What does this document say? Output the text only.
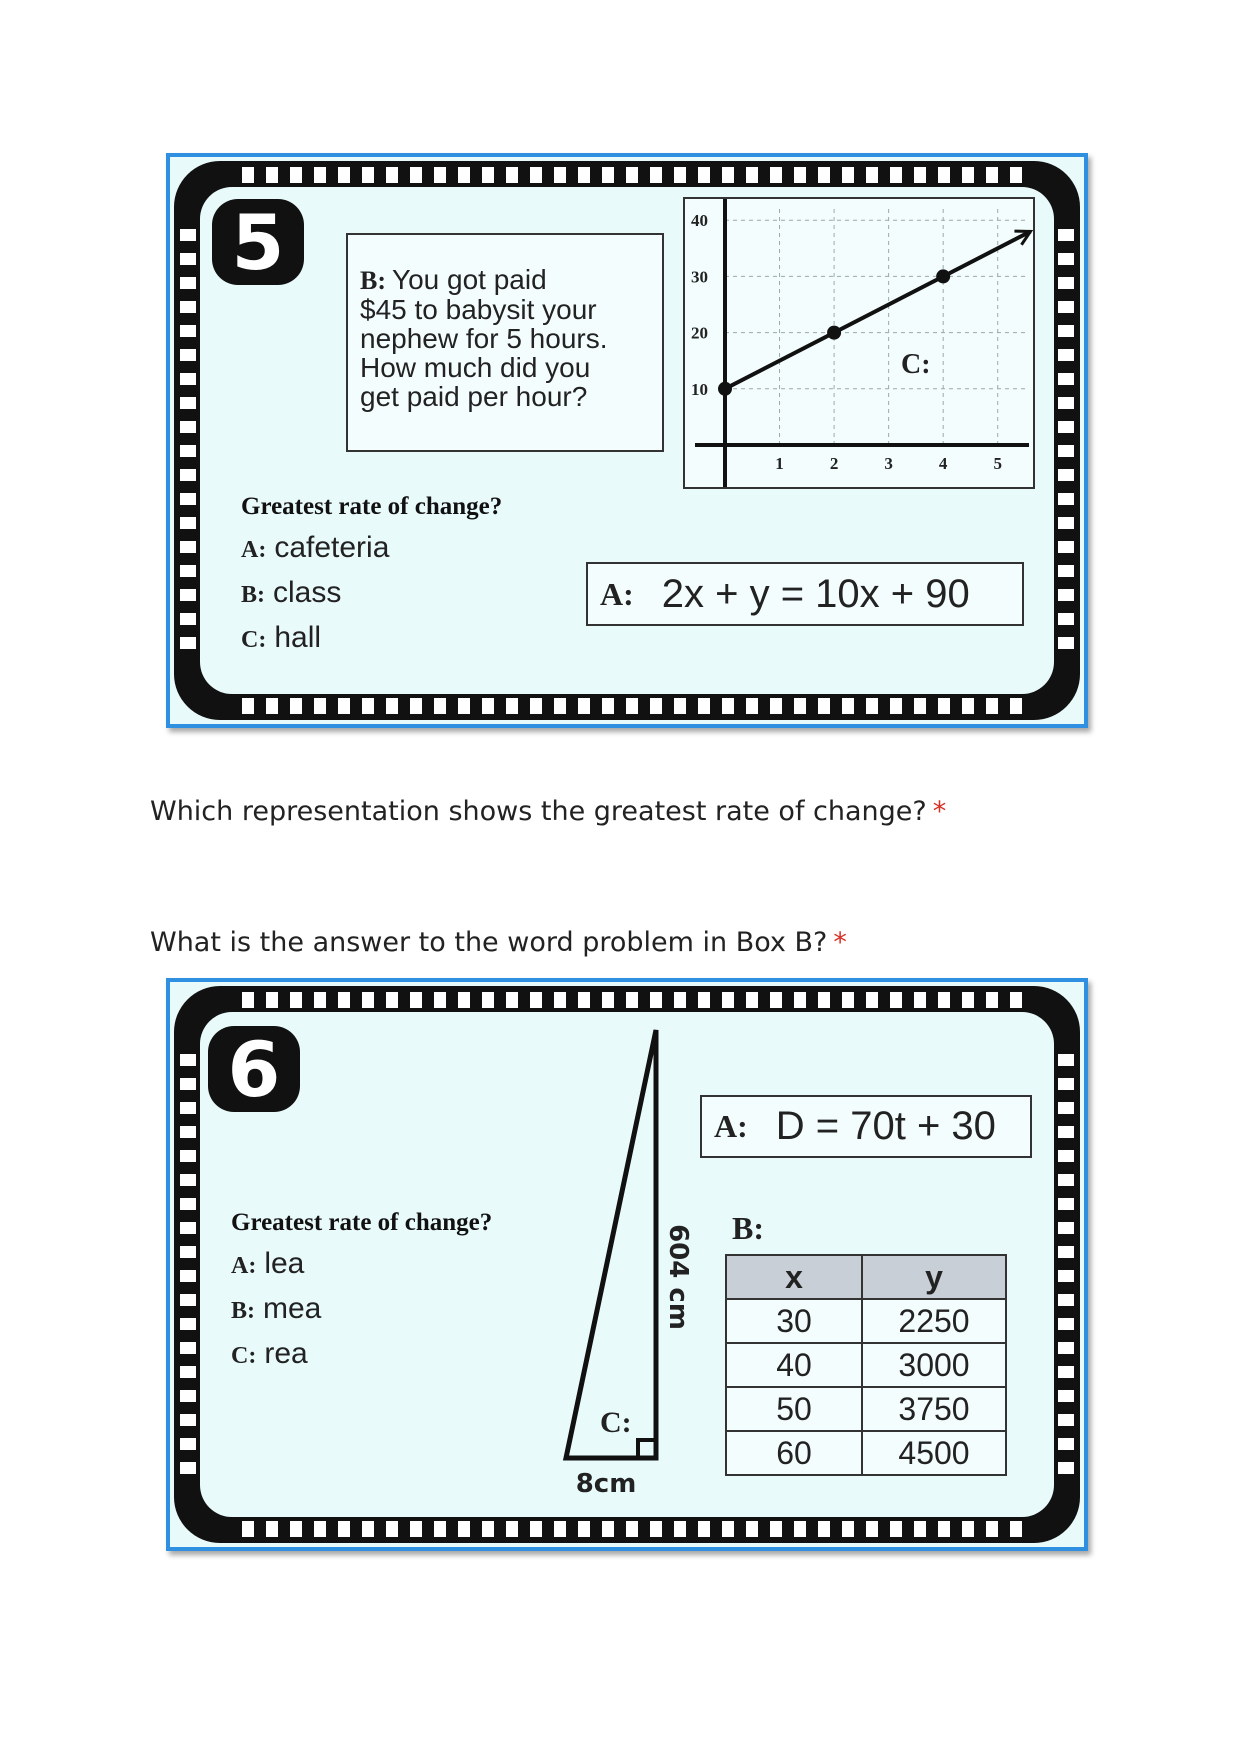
5	B: You got paid
$45 to babysit your
nephew for 5 hours.
How much did you
get paid per hour?
1	2	3	4	5
10
20
30
40
C:
Greatest rate of change?
A: cafeteria
B: class
C: hall
A: 2x + y = 10x + 90
Which representation shows the greatest rate of change? *
What is the answer to the word problem in Box B? *
6
Greatest rate of change?
A: lea
B: mea
C: rea
C:
604 cm
8cm
A: D = 70t + 30
B:
x	y
30	2250
40	3000
50	3750
60	4500
